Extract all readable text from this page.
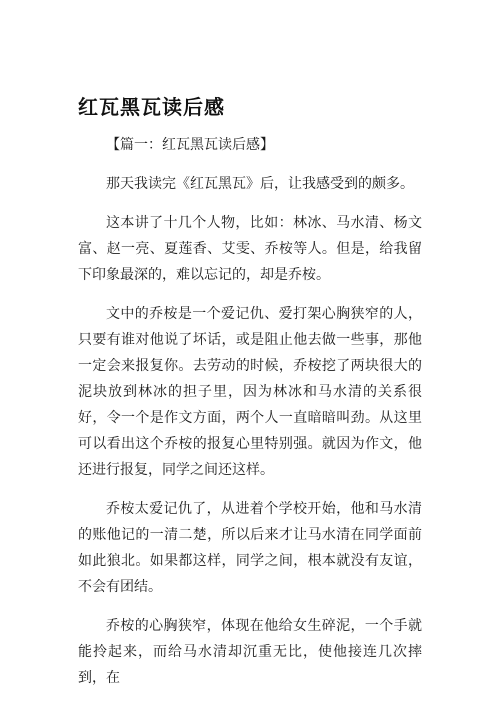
红瓦黑瓦读后感

【篇一：红瓦黑瓦读后感】

那天我读完《红瓦黑瓦》后，让我感受到的颇多。

这本讲了十几个人物，比如：林冰、马水清、杨文富、赵一亮、夏莲香、艾雯、乔桉等人。但是，给我留下印象最深的，难以忘记的，却是乔桉。

文中的乔桉是一个爱记仇、爱打架心胸狭窄的人，只要有谁对他说了坏话，或是阻止他去做一些事，那他一定会来报复你。去劳动的时候，乔桉挖了两块很大的泥块放到林冰的担子里，因为林冰和马水清的关系很好，令一个是作文方面，两个人一直暗暗叫劲。从这里可以看出这个乔桉的报复心里特别强。就因为作文，他还进行报复，同学之间还这样。

乔桉太爱记仇了，从进着个学校开始，他和马水清的账他记的一清二楚，所以后来才让马水清在同学面前如此狼北。如果都这样，同学之间，根本就没有友谊，不会有团结。

乔桉的心胸狭窄，体现在他给女生碎泥，一个手就能拎起来，而给马水清却沉重无比，使他接连几次摔到，在
